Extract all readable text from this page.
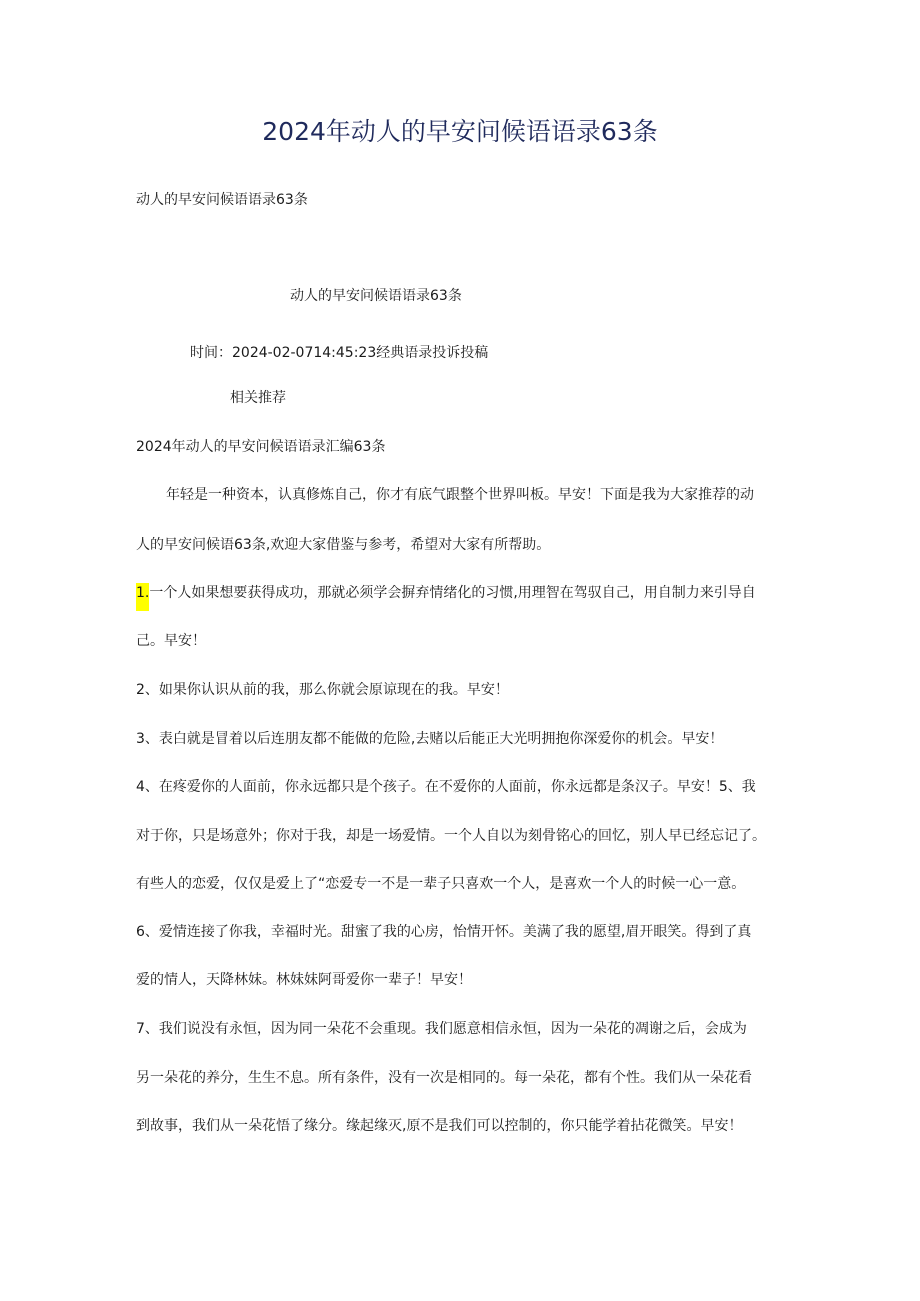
2024年动人的早安问候语语录63条
动人的早安问候语语录63条
动人的早安问候语语录63条
时间：2024-02-0714:45:23经典语录投诉投稿
相关推荐
2024年动人的早安问候语语录汇编63条
年轻是一种资本，认真修炼自己，你才有底气跟整个世界叫板。早安！下面是我为大家推荐的动
人的早安问候语63条,欢迎大家借鉴与参考，希望对大家有所帮助。
1.一个人如果想要获得成功，那就必须学会摒弃情绪化的习惯,用理智在驾驭自己，用自制力来引导自
己。早安！
2、如果你认识从前的我，那么你就会原谅现在的我。早安！
3、表白就是冒着以后连朋友都不能做的危险,去赌以后能正大光明拥抱你深爱你的机会。早安！
4、在疼爱你的人面前，你永远都只是个孩子。在不爱你的人面前，你永远都是条汉子。早安！5、我
对于你，只是场意外；你对于我，却是一场爱情。一个人自以为刻骨铭心的回忆，别人早已经忘记了。
有些人的恋爱，仅仅是爱上了“恋爱专一不是一辈子只喜欢一个人，是喜欢一个人的时候一心一意。
6、爱情连接了你我，幸福时光。甜蜜了我的心房，怡情开怀。美满了我的愿望,眉开眼笑。得到了真
爱的情人，天降林妹。林妹妹阿哥爱你一辈子！早安！
7、我们说没有永恒，因为同一朵花不会重现。我们愿意相信永恒，因为一朵花的凋谢之后，会成为
另一朵花的养分，生生不息。所有条件，没有一次是相同的。每一朵花，都有个性。我们从一朵花看
到故事，我们从一朵花悟了缘分。缘起缘灭,原不是我们可以控制的，你只能学着拈花微笑。早安！
